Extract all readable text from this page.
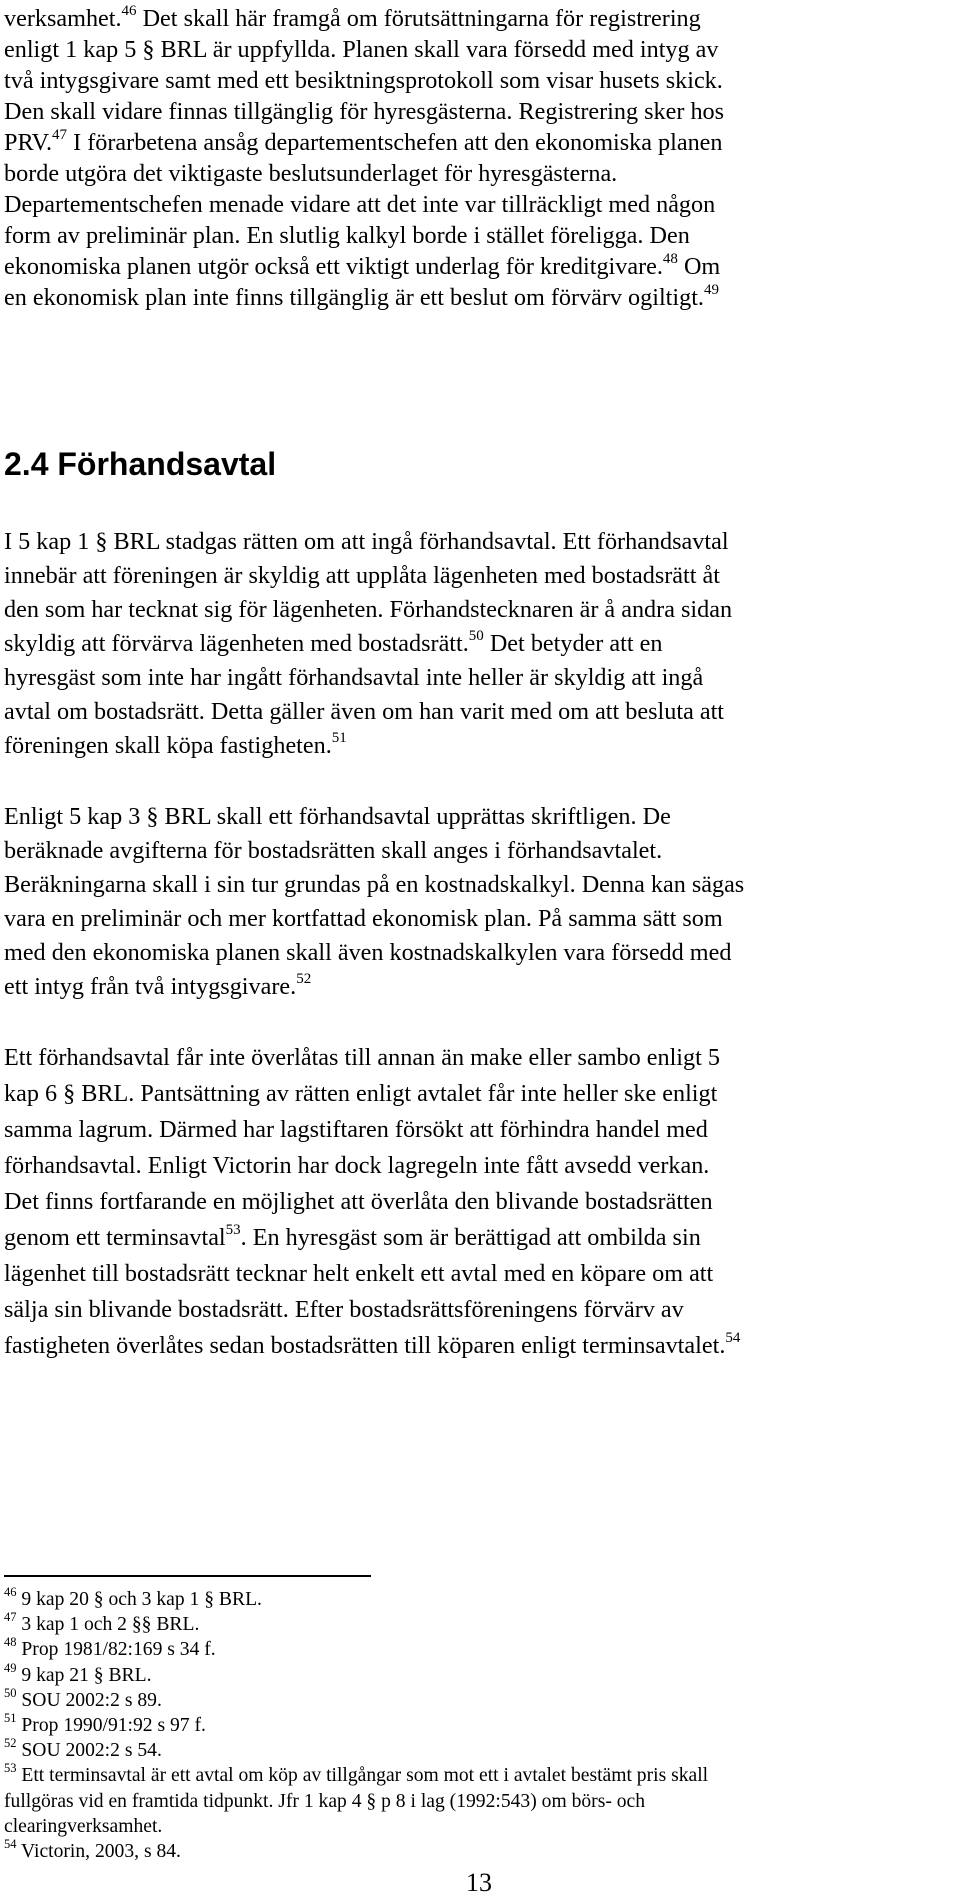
verksamhet.$^{46}$ Det skall här framgå om förutsättningarna för registrering
enligt 1 kap 5 § BRL är uppfyllda. Planen skall vara försedd med intyg av
två intygsgivare samt med ett besiktningsprotokoll som visar husets skick.
Den skall vidare finnas tillgänglig för hyresgästerna. Registrering sker hos
PRV.$^{47}$ I förarbetena ansåg departementschefen att den ekonomiska planen
borde utgöra det viktigaste beslutsunderlaget för hyresgästerna.
Departementschefen menade vidare att det inte var tillräckligt med någon
form av preliminär plan. En slutlig kalkyl borde i stället föreligga. Den
ekonomiska planen utgör också ett viktigt underlag för kreditgivare.$^{48}$ Om
en ekonomisk plan inte finns tillgänglig är ett beslut om förvärv ogiltigt.$^{49}$
2.4 Förhandsavtal
I 5 kap 1 § BRL stadgas rätten om att ingå förhandsavtal. Ett förhandsavtal
innebär att föreningen är skyldig att upplåta lägenheten med bostadsrätt åt
den som har tecknat sig för lägenheten. Förhandstecknaren är å andra sidan
skyldig att förvärva lägenheten med bostadsrätt.$^{50}$ Det betyder att en
hyresgäst som inte har ingått förhandsavtal inte heller är skyldig att ingå
avtal om bostadsrätt. Detta gäller även om han varit med om att besluta att
föreningen skall köpa fastigheten.$^{51}$
Enligt 5 kap 3 § BRL skall ett förhandsavtal upprättas skriftligen. De
beräknade avgifterna för bostadsrätten skall anges i förhandsavtalet.
Beräkningarna skall i sin tur grundas på en kostnadskalkyl. Denna kan sägas
vara en preliminär och mer kortfattad ekonomisk plan. På samma sätt som
med den ekonomiska planen skall även kostnadskalkylen vara försedd med
ett intyg från två intygsgivare.$^{52}$
Ett förhandsavtal får inte överlåtas till annan än make eller sambo enligt 5
kap 6 § BRL. Pantsättning av rätten enligt avtalet får inte heller ske enligt
samma lagrum. Därmed har lagstiftaren försökt att förhindra handel med
förhandsavtal. Enligt Victorin har dock lagregeln inte fått avsedd verkan.
Det finns fortfarande en möjlighet att överlåta den blivande bostadsrätten
genom ett terminsavtal$^{53}$. En hyresgäst som är berättigad att ombilda sin
lägenhet till bostadsrätt tecknar helt enkelt ett avtal med en köpare om att
sälja sin blivande bostadsrätt. Efter bostadsrättsföreningens förvärv av
fastigheten överlåtes sedan bostadsrätten till köparen enligt terminsavtalet.$^{54}$
$^{46}$ 9 kap 20 § och 3 kap 1 § BRL.
$^{47}$ 3 kap 1 och 2 §§ BRL.
$^{48}$ Prop 1981/82:169 s 34 f.
$^{49}$ 9 kap 21 § BRL.
$^{50}$ SOU 2002:2 s 89.
$^{51}$ Prop 1990/91:92 s 97 f.
$^{52}$ SOU 2002:2 s 54.
$^{53}$ Ett terminsavtal är ett avtal om köp av tillgångar som mot ett i avtalet bestämt pris skall
fullgöras vid en framtida tidpunkt. Jfr 1 kap 4 § p 8 i lag (1992:543) om börs- och
clearingverksamhet.
$^{54}$ Victorin, 2003, s 84.
13
